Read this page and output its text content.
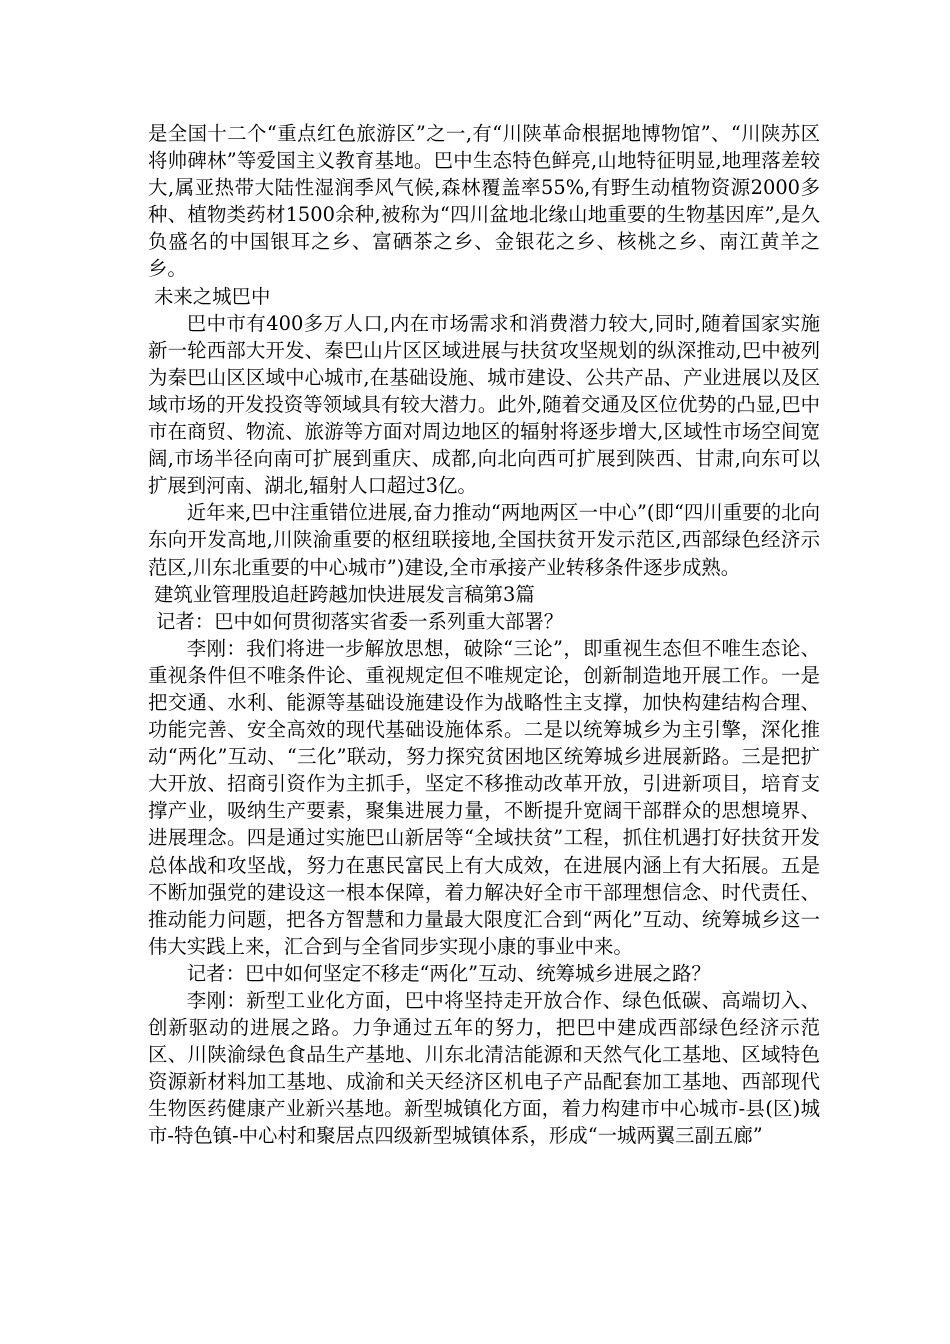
是全国十二个“重点红色旅游区”之一,有“川陕革命根据地博物馆”、“川陕苏区将帅碑林”等爱国主义教育基地。巴中生态特色鲜亮,山地特征明显,地理落差较大,属亚热带大陆性湿润季风气候,森林覆盖率55%,有野生动植物资源2000多种、植物类药材1500余种,被称为“四川盆地北缘山地重要的生物基因库”,是久负盛名的中国银耳之乡、富硒茶之乡、金银花之乡、核桃之乡、南江黄羊之乡。

未来之城巴中

巴中市有400多万人口,内在市场需求和消费潜力较大,同时,随着国家实施新一轮西部大开发、秦巴山片区区域进展与扶贫攻坚规划的纵深推动,巴中被列为秦巴山区区域中心城市,在基础设施、城市建设、公共产品、产业进展以及区域市场的开发投资等领域具有较大潜力。此外,随着交通及区位优势的凸显,巴中市在商贸、物流、旅游等方面对周边地区的辐射将逐步增大,区域性市场空间宽阔,市场半径向南可扩展到重庆、成都,向北向西可扩展到陕西、甘肃,向东可以扩展到河南、湖北,辐射人口超过3亿。

近年来,巴中注重错位进展,奋力推动“两地两区一中心”(即“四川重要的北向东向开发高地,川陕渝重要的枢纽联接地,全国扶贫开发示范区,西部绿色经济示范区,川东北重要的中心城市”)建设,全市承接产业转移条件逐步成熟。

建筑业管理股追赶跨越加快进展发言稿第3篇

记者：巴中如何贯彻落实省委一系列重大部署？

李刚：我们将进一步解放思想，破除“三论”，即重视生态但不唯生态论、重视条件但不唯条件论、重视规定但不唯规定论，创新制造地开展工作。一是把交通、水利、能源等基础设施建设作为战略性主支撑，加快构建结构合理、功能完善、安全高效的现代基础设施体系。二是以统筹城乡为主引擎，深化推动“两化”互动、“三化”联动，努力探究贫困地区统筹城乡进展新路。三是把扩大开放、招商引资作为主抓手，坚定不移推动改革开放，引进新项目，培育支撑产业，吸纳生产要素，聚集进展力量，不断提升宽阔干部群众的思想境界、进展理念。四是通过实施巴山新居等“全域扶贫”工程，抓住机遇打好扶贫开发总体战和攻坚战，努力在惠民富民上有大成效，在进展内涵上有大拓展。五是不断加强党的建设这一根本保障，着力解决好全市干部理想信念、时代责任、推动能力问题，把各方智慧和力量最大限度汇合到“两化”互动、统筹城乡这一伟大实践上来，汇合到与全省同步实现小康的事业中来。

记者：巴中如何坚定不移走“两化”互动、统筹城乡进展之路？

李刚：新型工业化方面，巴中将坚持走开放合作、绿色低碳、高端切入、创新驱动的进展之路。力争通过五年的努力，把巴中建成西部绿色经济示范区、川陕渝绿色食品生产基地、川东北清洁能源和天然气化工基地、区域特色资源新材料加工基地、成渝和关天经济区机电子产品配套加工基地、西部现代生物医药健康产业新兴基地。新型城镇化方面，着力构建市中心城市-县(区)城市-特色镇-中心村和聚居点四级新型城镇体系，形成“一城两翼三副五廊”
